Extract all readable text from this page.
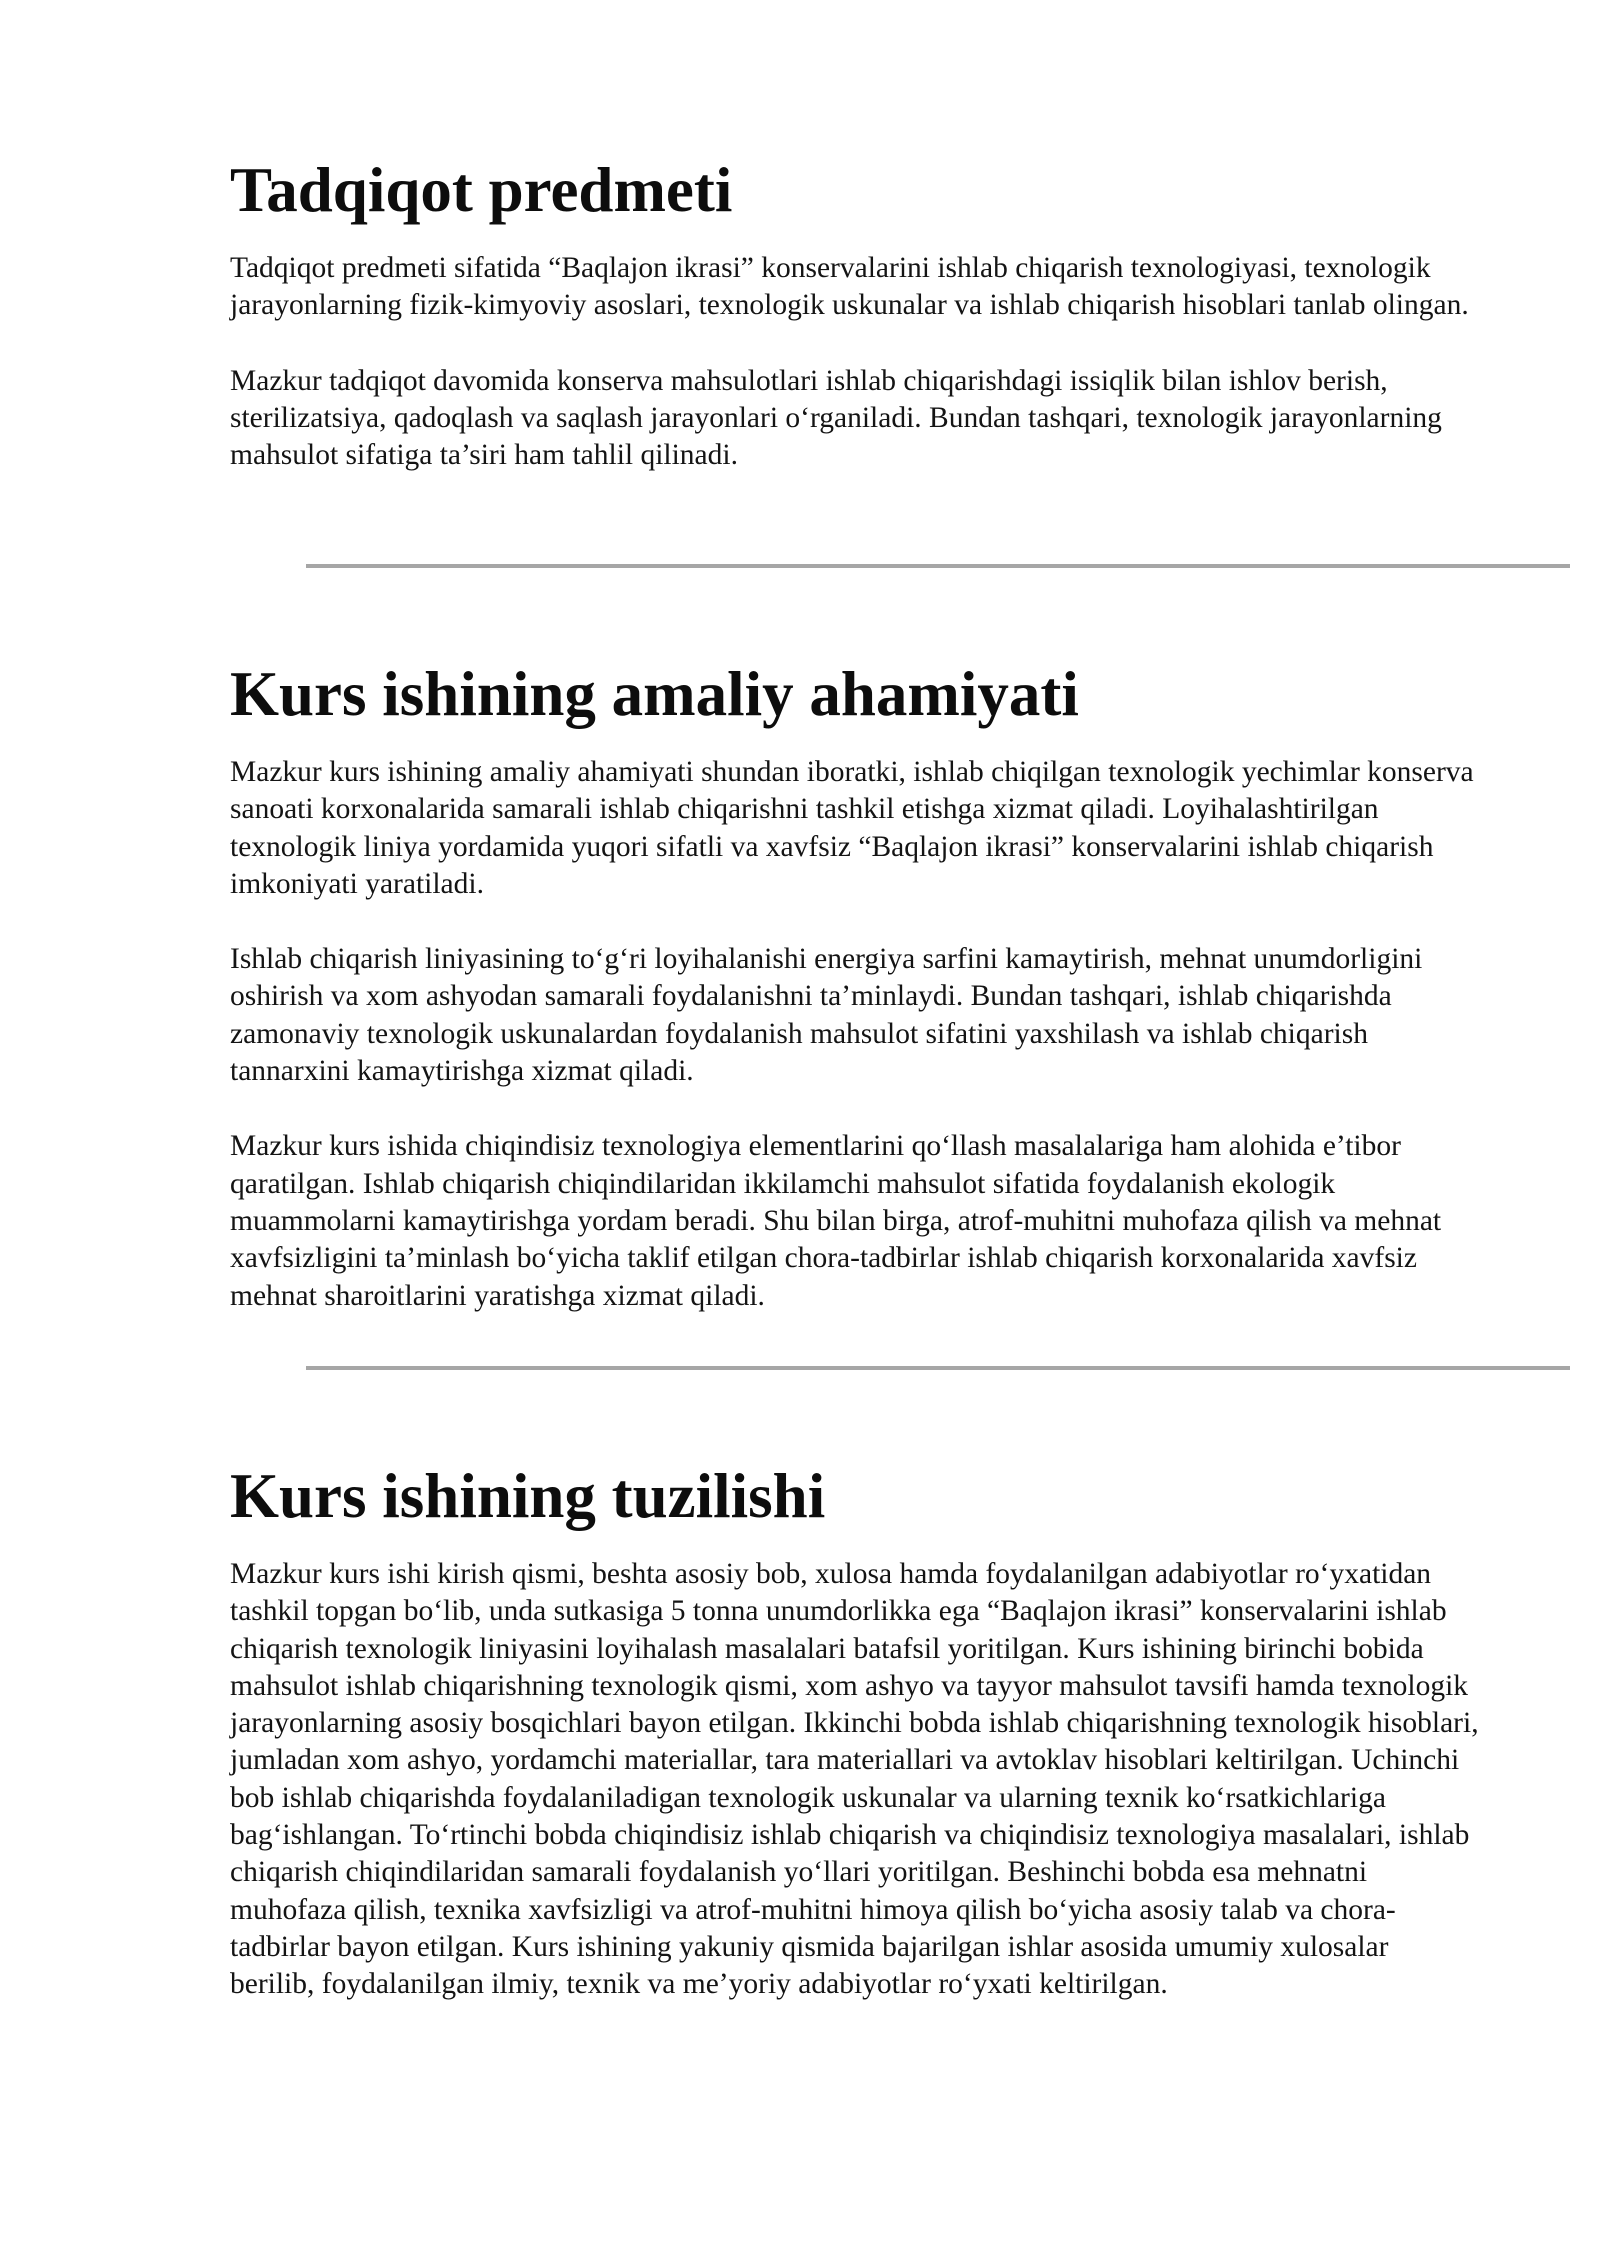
Tadqiqot predmeti

Tadqiqot predmeti sifatida “Baqlajon ikrasi” konservalarini ishlab chiqarish texnologiyasi, texnologik jarayonlarning fizik-kimyoviy asoslari, texnologik uskunalar va ishlab chiqarish hisoblari tanlab olingan.

Mazkur tadqiqot davomida konserva mahsulotlari ishlab chiqarishdagi issiqlik bilan ishlov berish, sterilizatsiya, qadoqlash va saqlash jarayonlari o‘rganiladi. Bundan tashqari, texnologik jarayonlarning mahsulot sifatiga ta’siri ham tahlil qilinadi.

Kurs ishining amaliy ahamiyati

Mazkur kurs ishining amaliy ahamiyati shundan iboratki, ishlab chiqilgan texnologik yechimlar konserva sanoati korxonalarida samarali ishlab chiqarishni tashkil etishga xizmat qiladi. Loyihalashtirilgan texnologik liniya yordamida yuqori sifatli va xavfsiz “Baqlajon ikrasi” konservalarini ishlab chiqarish imkoniyati yaratiladi.

Ishlab chiqarish liniyasining to‘g‘ri loyihalanishi energiya sarfini kamaytirish, mehnat unumdorligini oshirish va xom ashyodan samarali foydalanishni ta’minlaydi. Bundan tashqari, ishlab chiqarishda zamonaviy texnologik uskunalardan foydalanish mahsulot sifatini yaxshilash va ishlab chiqarish tannarxini kamaytirishga xizmat qiladi.

Mazkur kurs ishida chiqindisiz texnologiya elementlarini qo‘llash masalalariga ham alohida e’tibor qaratilgan. Ishlab chiqarish chiqindilaridan ikkilamchi mahsulot sifatida foydalanish ekologik muammolarni kamaytirishga yordam beradi. Shu bilan birga, atrof-muhitni muhofaza qilish va mehnat xavfsizligini ta’minlash bo‘yicha taklif etilgan chora-tadbirlar ishlab chiqarish korxonalarida xavfsiz mehnat sharoitlarini yaratishga xizmat qiladi.

Kurs ishining tuzilishi

Mazkur kurs ishi kirish qismi, beshta asosiy bob, xulosa hamda foydalanilgan adabiyotlar ro‘yxatidan tashkil topgan bo‘lib, unda sutkasiga 5 tonna unumdorlikka ega “Baqlajon ikrasi” konservalarini ishlab chiqarish texnologik liniyasini loyihalash masalalari batafsil yoritilgan. Kurs ishining birinchi bobida mahsulot ishlab chiqarishning texnologik qismi, xom ashyo va tayyor mahsulot tavsifi hamda texnologik jarayonlarning asosiy bosqichlari bayon etilgan. Ikkinchi bobda ishlab chiqarishning texnologik hisoblari, jumladan xom ashyo, yordamchi materiallar, tara materiallari va avtoklav hisoblari keltirilgan. Uchinchi bob ishlab chiqarishda foydalaniladigan texnologik uskunalar va ularning texnik ko‘rsatkichlariga bag‘ishlangan. To‘rtinchi bobda chiqindisiz ishlab chiqarish va chiqindisiz texnologiya masalalari, ishlab chiqarish chiqindilaridan samarali foydalanish yo‘llari yoritilgan. Beshinchi bobda esa mehnatni muhofaza qilish, texnika xavfsizligi va atrof-muhitni himoya qilish bo‘yicha asosiy talab va chora-tadbirlar bayon etilgan. Kurs ishining yakuniy qismida bajarilgan ishlar asosida umumiy xulosalar berilib, foydalanilgan ilmiy, texnik va me’yoriy adabiyotlar ro‘yxati keltirilgan.
